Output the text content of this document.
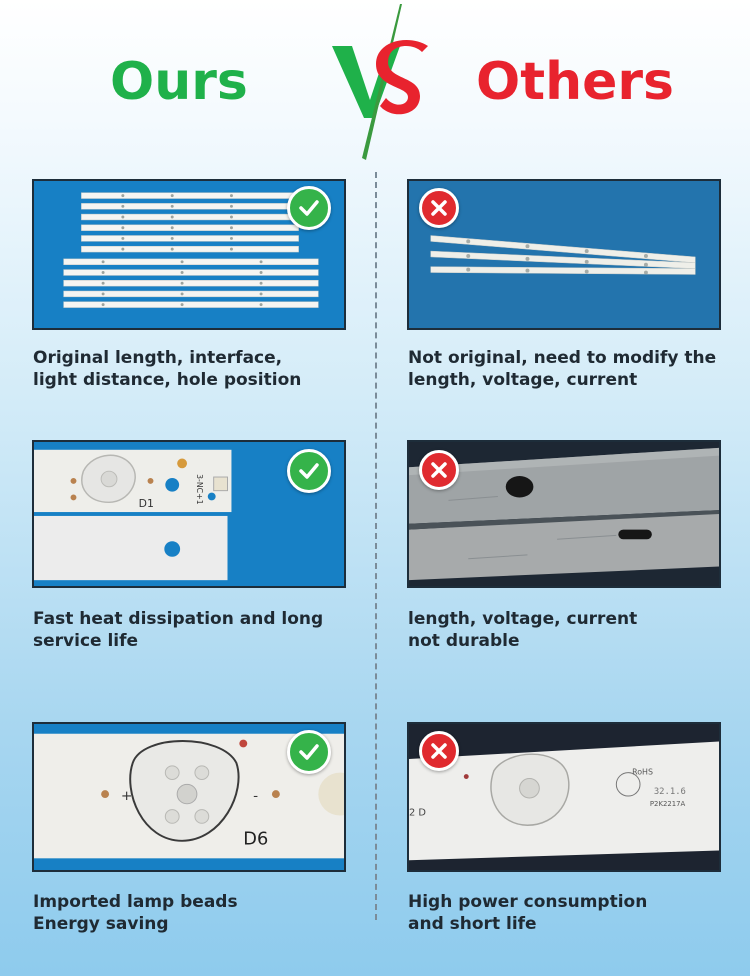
Ours	Others
Original length, interface,
light distance, hole position
Not original, need to modify the
length, voltage, current
D1	3-NC+1
Fast heat dissipation and long
service life
length, voltage, current
not durable
+	-
D6
2 D
RoHS
32.1.6
P2K2217A
Imported lamp beads
Energy saving
High power consumption
and short life
